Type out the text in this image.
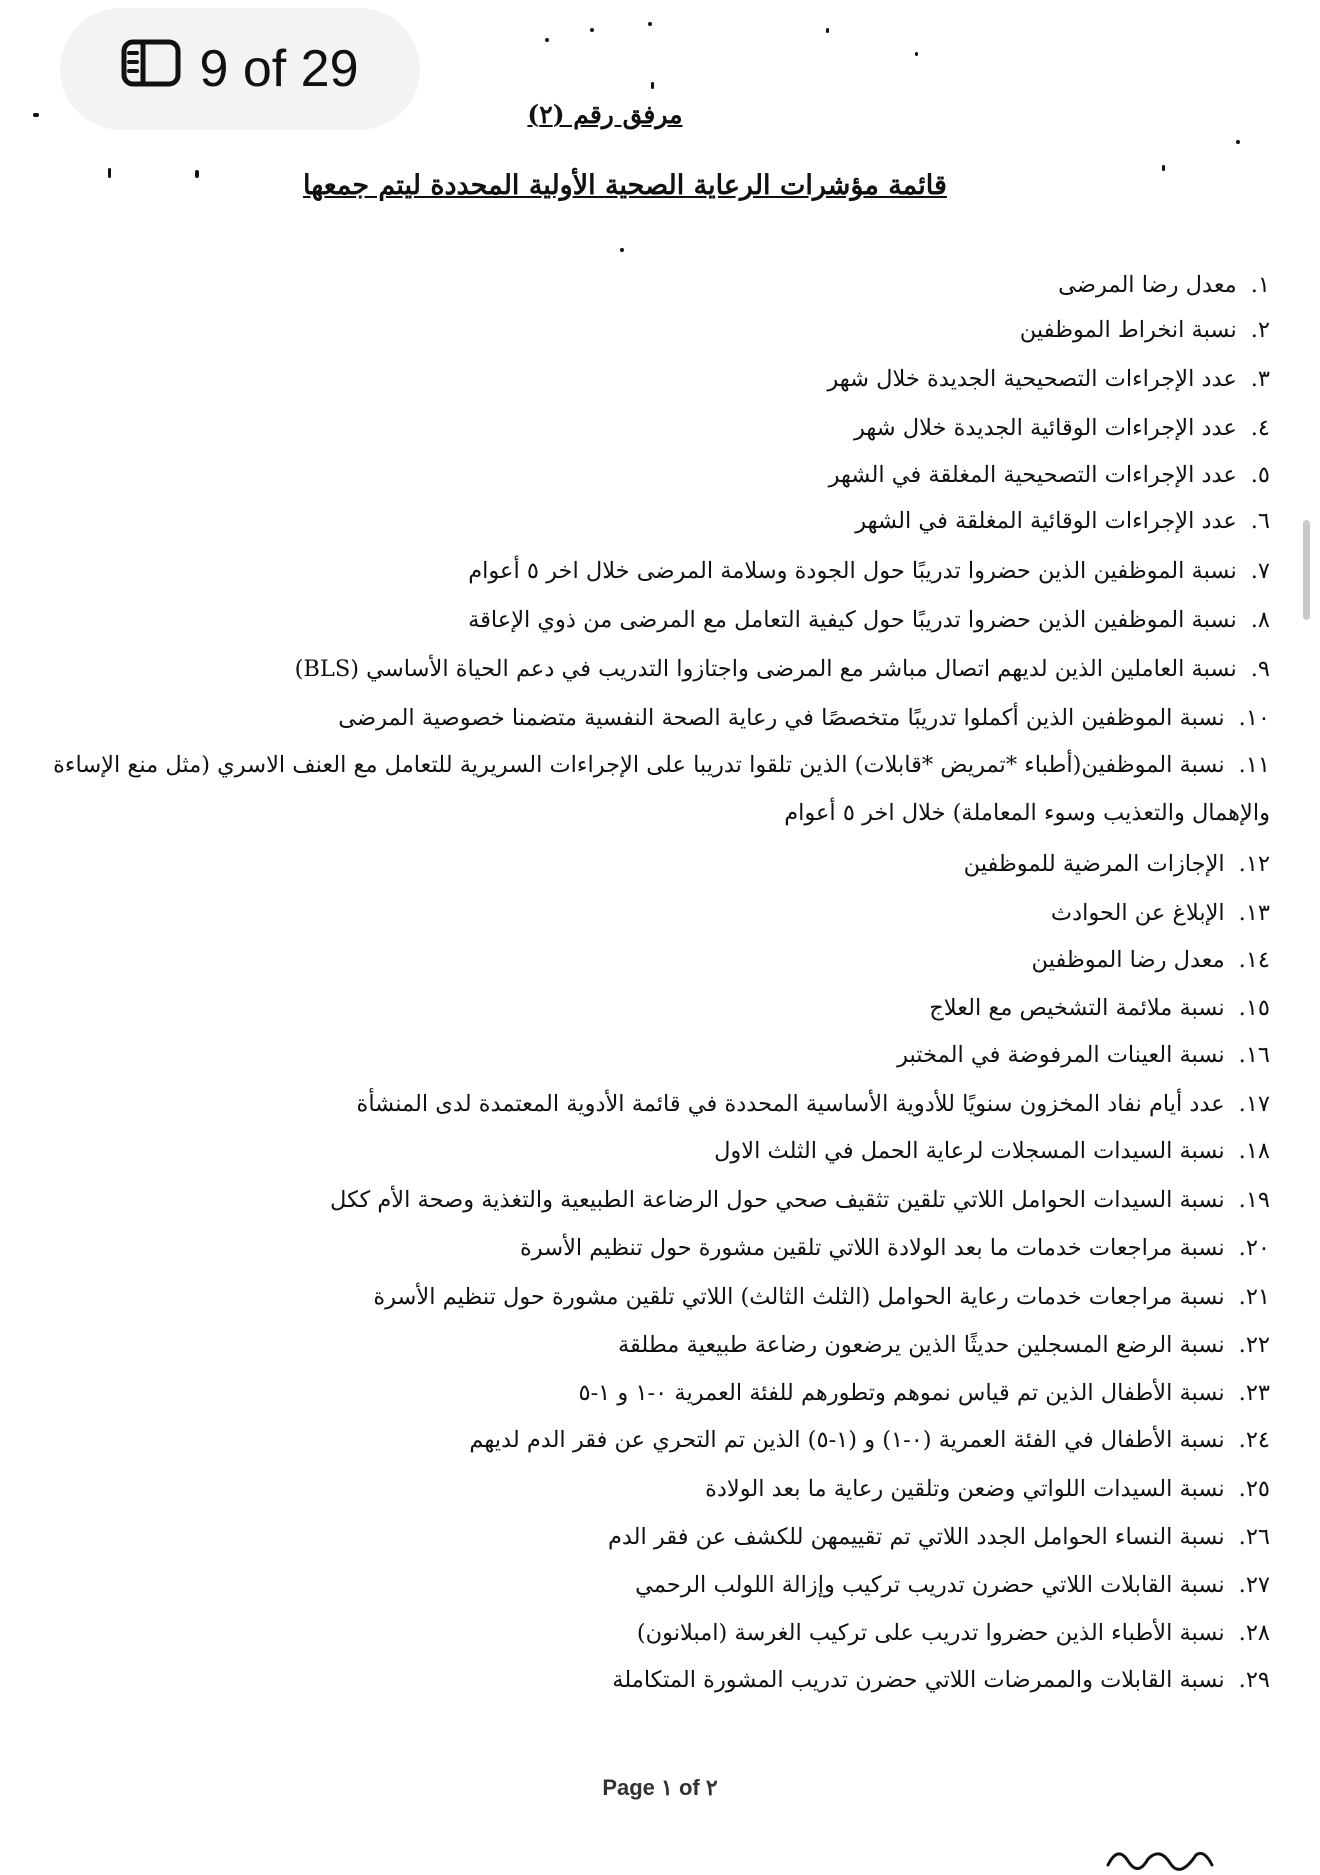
مرفق رقم (٢)
قائمة مؤشرات الرعاية الصحية الأولية المحددة ليتم جمعها
١.معدل رضا المرضى
٢.نسبة انخراط الموظفين
٣.عدد الإجراءات التصحيحية الجديدة خلال شهر
٤.عدد الإجراءات الوقائية الجديدة خلال شهر
٥.عدد الإجراءات التصحيحية المغلقة في الشهر
٦.عدد الإجراءات الوقائية المغلقة في الشهر
٧.نسبة الموظفين الذين حضروا تدريبًا حول الجودة وسلامة المرضى خلال اخر ٥ أعوام
٨.نسبة الموظفين الذين حضروا تدريبًا حول كيفية التعامل مع المرضى من ذوي الإعاقة
٩.نسبة العاملين الذين لديهم اتصال مباشر مع المرضى واجتازوا التدريب في دعم الحياة الأساسي (BLS)
١٠.نسبة الموظفين الذين أكملوا تدريبًا متخصصًا في رعاية الصحة النفسية متضمنا خصوصية المرضى
١١.نسبة الموظفين(أطباء *تمريض *قابلات) الذين تلقوا تدريبا على الإجراءات السريرية للتعامل مع العنف الاسري (مثل منع الإساءة والإهمال والتعذيب وسوء المعاملة) خلال اخر ٥ أعوام
١٢.الإجازات المرضية للموظفين
١٣.الإبلاغ عن الحوادث
١٤.معدل رضا الموظفين
١٥.نسبة ملائمة التشخيص مع العلاج
١٦.نسبة العينات المرفوضة في المختبر
١٧.عدد أيام نفاد المخزون سنويًا للأدوية الأساسية المحددة في قائمة الأدوية المعتمدة لدى المنشأة
١٨.نسبة السيدات المسجلات لرعاية الحمل في الثلث الاول
١٩.نسبة السيدات الحوامل اللاتي تلقين تثقيف صحي حول الرضاعة الطبيعية والتغذية وصحة الأم ككل
٢٠.نسبة مراجعات خدمات ما بعد الولادة اللاتي تلقين مشورة حول تنظيم الأسرة
٢١.نسبة مراجعات خدمات رعاية الحوامل (الثلث الثالث) اللاتي تلقين مشورة حول تنظيم الأسرة
٢٢.نسبة الرضع المسجلين حديثًا الذين يرضعون رضاعة طبيعية مطلقة
٢٣.نسبة الأطفال الذين تم قياس نموهم وتطورهم للفئة العمرية ٠-١ و ١-٥
٢٤.نسبة الأطفال في الفئة العمرية (٠-١) و (١-٥) الذين تم التحري عن فقر الدم لديهم
٢٥.نسبة السيدات اللواتي وضعن وتلقين رعاية ما بعد الولادة
٢٦.نسبة النساء الحوامل الجدد اللاتي تم تقييمهن للكشف عن فقر الدم
٢٧.نسبة القابلات اللاتي حضرن تدريب تركيب وإزالة اللولب الرحمي
٢٨.نسبة الأطباء الذين حضروا تدريب على تركيب الغرسة (امبلانون)
٢٩.نسبة القابلات والممرضات اللاتي حضرن تدريب المشورة المتكاملة
Page ١ of ٢
9 of 29
